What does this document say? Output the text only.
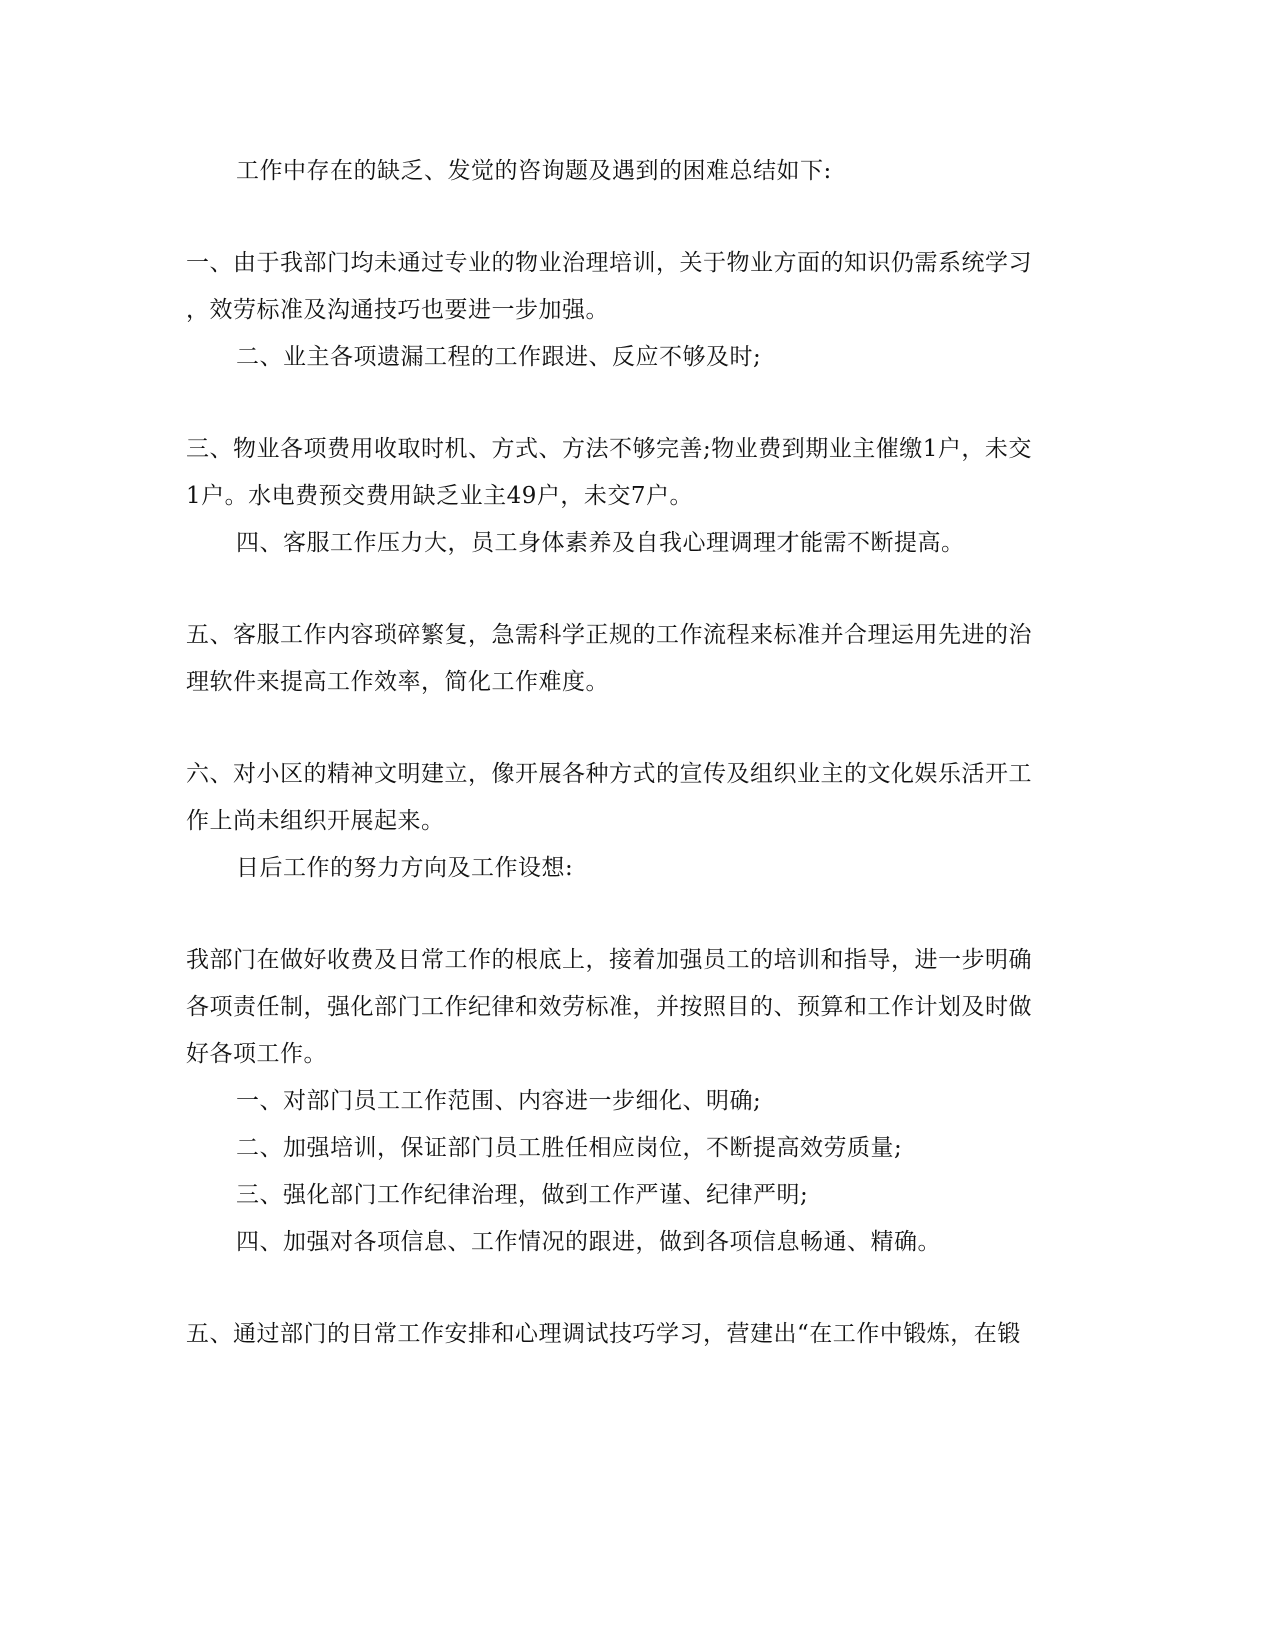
工作中存在的缺乏、发觉的咨询题及遇到的困难总结如下:
一、由于我部门均未通过专业的物业治理培训，关于物业方面的知识仍需系统学习
，效劳标准及沟通技巧也要进一步加强。
二、业主各项遗漏工程的工作跟进、反应不够及时;
三、物业各项费用收取时机、方式、方法不够完善;物业费到期业主催缴1户，未交
1户。水电费预交费用缺乏业主49户，未交7户。
四、客服工作压力大，员工身体素养及自我心理调理才能需不断提高。
五、客服工作内容琐碎繁复，急需科学正规的工作流程来标准并合理运用先进的治
理软件来提高工作效率，简化工作难度。
六、对小区的精神文明建立，像开展各种方式的宣传及组织业主的文化娱乐活开工
作上尚未组织开展起来。
日后工作的努力方向及工作设想:
我部门在做好收费及日常工作的根底上，接着加强员工的培训和指导，进一步明确
各项责任制，强化部门工作纪律和效劳标准，并按照目的、预算和工作计划及时做
好各项工作。
一、对部门员工工作范围、内容进一步细化、明确;
二、加强培训，保证部门员工胜任相应岗位，不断提高效劳质量;
三、强化部门工作纪律治理，做到工作严谨、纪律严明;
四、加强对各项信息、工作情况的跟进，做到各项信息畅通、精确。
五、通过部门的日常工作安排和心理调试技巧学习，营建出“在工作中锻炼，在锻
